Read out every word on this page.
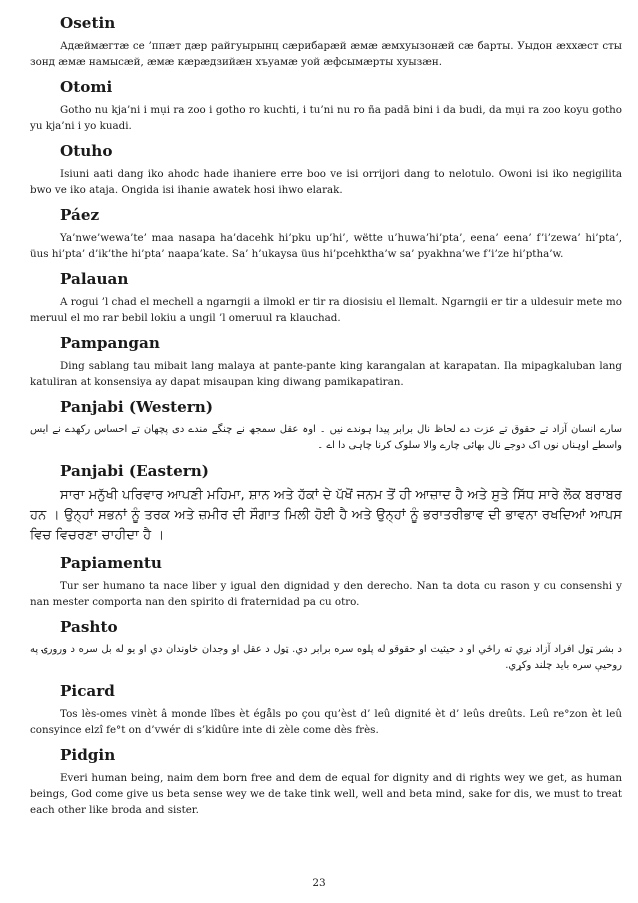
Osetin

Адæймæгтæ се ’ппæт дæр райгуырынц сæрибарæй æмæ æмхуызонæй сæ барты. Уыдон æххæст сты зонд æмæ намысæй, æмæ кæрæдзийæн хъуамæ уой æфсымæрты хуызæн.

Otomi

Gotho nu kja’ni i mụi ra zoo i gotho ro kuchti, i tu’ni nu ro ña padā bini i da budi, da mụi ra zoo koyu gotho yu kja’ni i yo kuadi.

Otuho

Isiuni aati dang iko ahodc hade ihaniere erre boo ve isi orrijori dang to nelotulo. Owoni isi iko negigilita bwo ve iko ataja. Ongida isi ihanie awatek hosi ihwo elarak.

Páez

Ya’nwe’wewa’te’ maa nasapa ha’dacehk hi’pku up’hi’, wëtte u’huwa’hi’pta’, eena’ eena’ f’i’zewa’ hi’pta’, üus hi’pta’ d’ik’the hi’pta’ naapa’kate. Sa’ h’ukaysa üus hi’pcehktha’w sa’ pyakhna’we f’i’ze hi’ptha’w.

Palauan

A rogui ’l chad el mechell a ngarngii a ilmokl er tir ra diosisiu el llemalt. Ngarngii er tir a uldesuir mete mo meruul el mo rar bebil lokiu a ungil ’l omeruul ra klauchad.

Pampangan

Ding sablang tau mibait lang malaya at pante-pante king karangalan at karapatan. Ila mipagkaluban lang katuliran at konsensiya ay dapat misaupan king diwang pamikapatiran.

Panjabi (Western)

سارے انسان آزاد تے حقوق تے عزت دے لحاظ نال برابر پیدا ہوندے نیں ۔ اوہ عقل سمجھ نے چنگے مندے دی پچھان تے احساس رکھدے نے ایس واسطے اوہناں نوں اک دوجے نال بھائی چارے والا سلوک کرنا چاہی دا اے ۔

Panjabi (Eastern)

ਸਾਰਾ ਮਨੁੱਖੀ ਪਰਿਵਾਰ ਆਪਣੀ ਮਹਿਮਾ, ਸ਼ਾਨ ਅਤੇ ਹੱਕਾਂ ਦੇ ਪੱਖੋਂ ਜਨਮ ਤੋਂ ਹੀ ਆਜ਼ਾਦ ਹੈ ਅਤੇ ਸੁਤੇ ਸਿੱਧ ਸਾਰੇ ਲੋਕ ਬਰਾਬਰ ਹਨ । ਉਨ੍ਹਾਂ ਸਭਨਾਂ ਨੂੰ ਤਰਕ ਅਤੇ ਜ਼ਮੀਰ ਦੀ ਸੌਗਾਤ ਮਿਲੀ ਹੋਈ ਹੈ ਅਤੇ ਉਨ੍ਹਾਂ ਨੂੰ ਭਰਾਤਰੀਭਾਵ ਦੀ ਭਾਵਨਾ ਰਖਦਿਆਂ ਆਪਸ ਵਿਚ ਵਿਚਰਣਾ ਚਾਹੀਦਾ ਹੈ ।

Papiamentu

Tur ser humano ta nace liber y igual den dignidad y den derecho. Nan ta dota cu rason y cu consenshi y nan mester comporta nan den spirito di fraternidad pa cu otro.

Pashto

د بشر ټول افراد آزاد نږي ته راځي او د حيثيت او حقوقو له پلوه سره برابر دي. ټول د عقل او وجدان خاوندان دي او يو له بل سره د ورورۍ په روحيې سره بايد چلند وکړي.

Picard

Tos lès-omes vinèt â monde lîbes èt égåls po çou qu’èst d’ leû dignité èt d’ leûs dreûts. Leû re°zon èt leû consyince elzî fe°t on d’vwér di s’kidûre inte di zèle come dès frès.

Pidgin

Everi human being, naim dem born free and dem de equal for dignity and di rights wey we get, as human beings, God come give us beta sense wey we de take tink well, well and beta mind, sake for dis, we must to treat each other like broda and sister.

23
